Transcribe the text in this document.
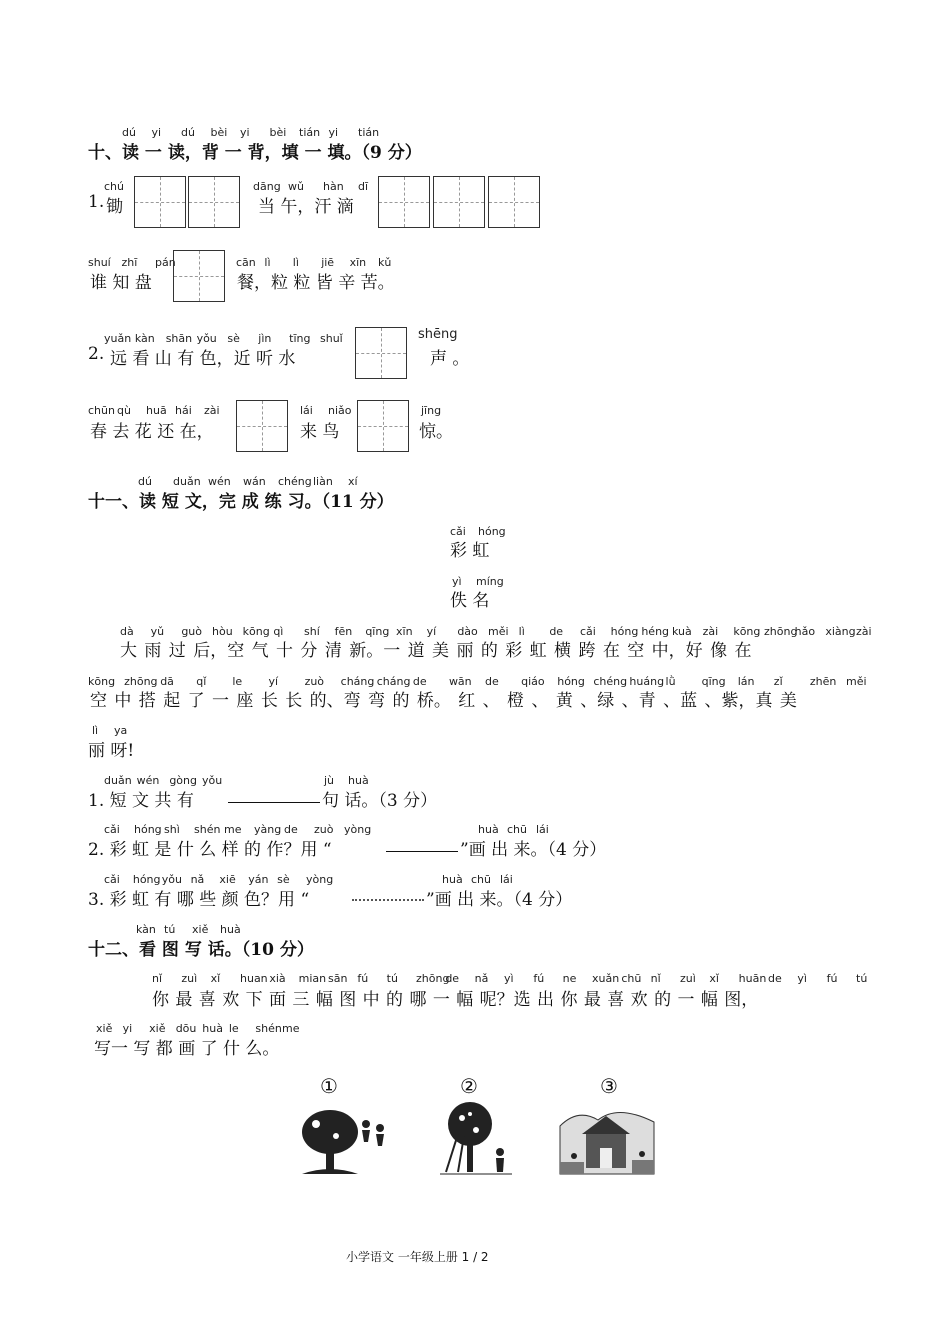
dú yi dú bèi yi bèi tián yi tián
十、读 一 读，背 一 背，填 一 填。（9 分）
chú
1. 锄
dāng wǔ hàn dī
当 午，汗 滴
shuí zhī pán
谁 知 盘
cān lì lì jiē xīn kǔ
餐，粒 粒 皆 辛 苦。
yuǎn kàn shān yǒu sè jìn tīng shuǐ
2. 远 看 山 有 色，近 听 水
shēng
声 。
chūn qù huā hái zài
春 去 花 还 在，
lái niǎo
来 鸟
jīng
惊。
dú duǎn wén wán chéng liàn xí
十一、读 短 文，完 成 练 习。（11 分）
cǎi hóng
彩 虹
yì míng
佚 名
dà yǔ guò hòu kōng qì shí fēn qīng xīn yí dào měi lì de cǎi hóng héng kuà zài kōng zhōng
hǎo xiàng zài
大 雨 过 后，空 气 十 分 清 新。一 道 美 丽 的 彩 虹 横 跨 在 空 中，好 像 在
kōng zhōng dā qǐ le yí zuò cháng cháng de wān de qiáo hóng chéng huáng lǜ qīng lán zǐ zhēn měi
空 中 搭 起 了 一 座 长 长 的、弯 弯 的 桥。 红 、 橙 、 黄 、绿 、青 、蓝 、紫，真 美
lì ya
丽 呀!
duǎn wén gòng yǒu	jù huà
1. 短 文 共 有	句 话。（3 分）
cǎi hóng shì shén me yàng de zuò yòng	huà chū lái
2. 彩 虹 是 什 么 样 的 作？用 “	”画 出 来。（4 分）
cǎi hóng yǒu nǎ xiē yán sè yòng	huà chū lái
3. 彩 虹 有 哪 些 颜 色？用 “	”画 出 来。（4 分）
kàn tú xiě huà
十二、看 图 写 话。（10 分）
nǐ zuì xǐ huan xià mian sān fú tú zhōng
de nǎ yì fú ne xuǎn chū nǐ zuì xǐ huān de yì fú tú
你 最 喜 欢 下 面 三 幅 图 中 的 哪 一 幅 呢？选 出 你 最 喜 欢 的 一 幅 图，
xiě yi xiě dōu huà le shén me
写一 写 都 画 了 什 么。
①	②	③
小学语文 一年级上册 1 / 2
